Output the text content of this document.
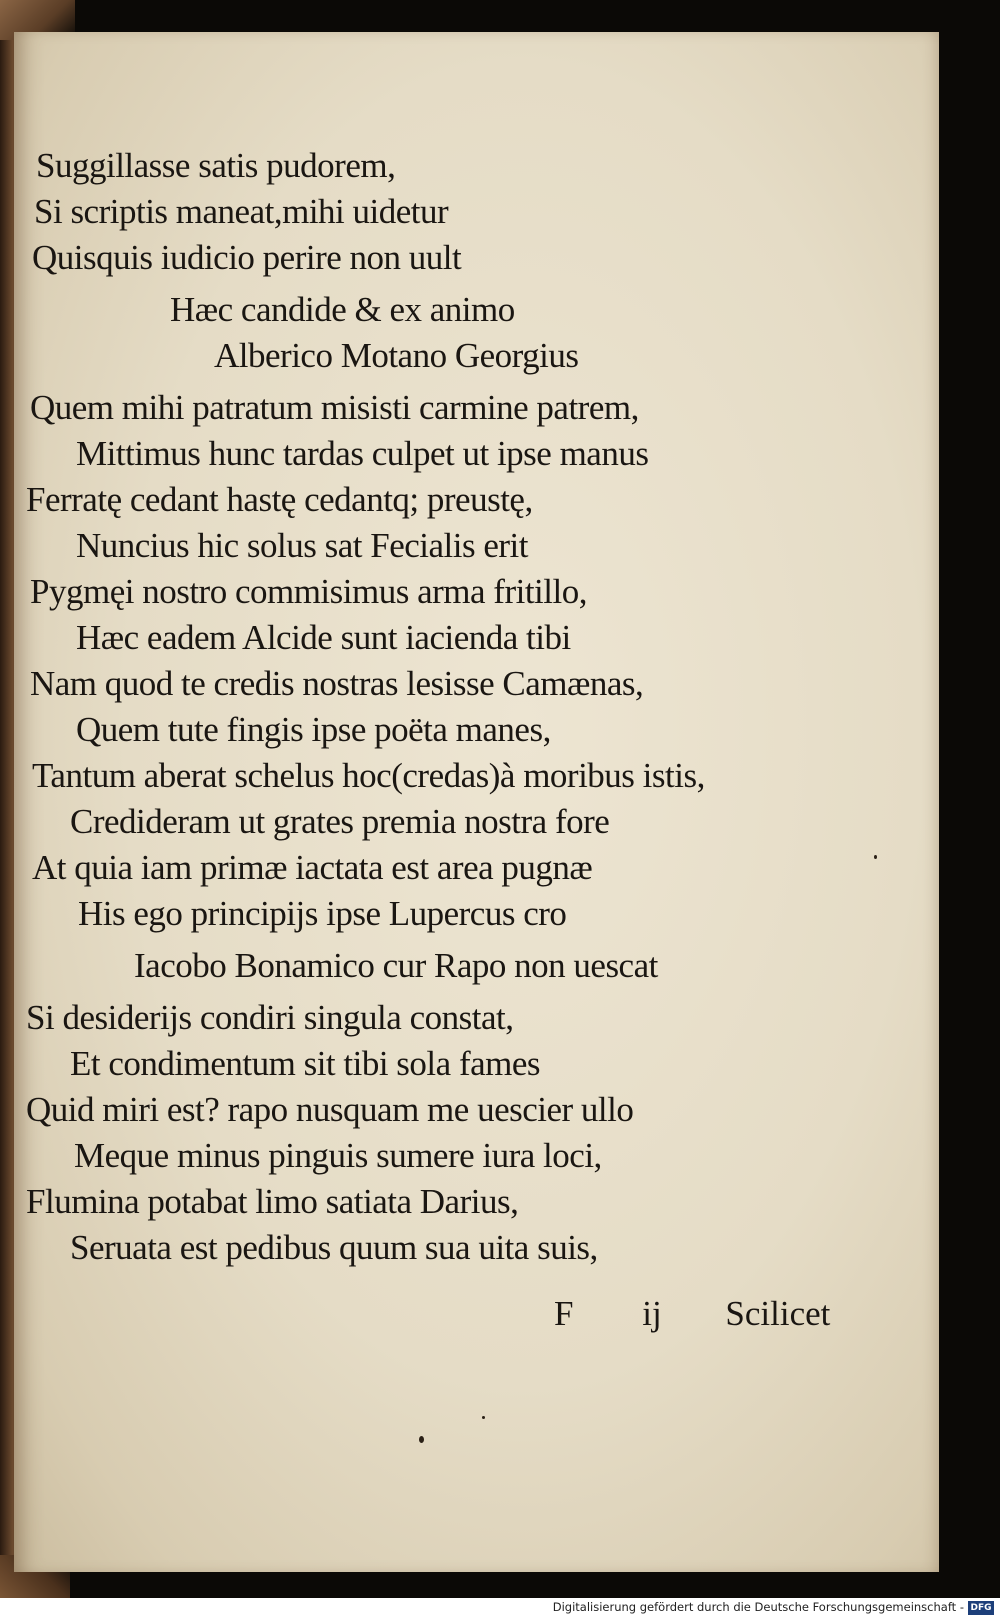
Suggillasse satis pudorem,
Si scriptis maneat,mihi uidetur
Quisquis iudicio perire non uult
Hæc candide & ex animo
Alberico Motano Georgius
Quem mihi patratum misisti carmine patrem,
Mittimus hunc tardas culpet ut ipse manus
Ferratę cedant hastę cedantq; preustę,
Nuncius hic solus sat Fecialis erit
Pygmęi nostro commisimus arma fritillo,
Hæc eadem Alcide sunt iacienda tibi
Nam quod te credis nostras lesisse Camænas,
Quem tute fingis ipse poëta manes,
Tantum aberat schelus hoc(credas)à moribus istis,
Credideram ut grates premia nostra fore
At quia iam primæ iactata est area pugnæ
His ego principijs ipse Lupercus cro
Iacobo Bonamico cur Rapo non uescat
Si desiderijs condiri singula constat,
Et condimentum sit tibi sola fames
Quid miri est? rapo nusquam me uescier ullo
Meque minus pinguis sumere iura loci,
Flumina potabat limo satiata Darius,
Seruata est pedibus quum sua uita suis,
F ij Scilicet
Digitalisierung gefördert durch die Deutsche Forschungsgemeinschaft - DFG
